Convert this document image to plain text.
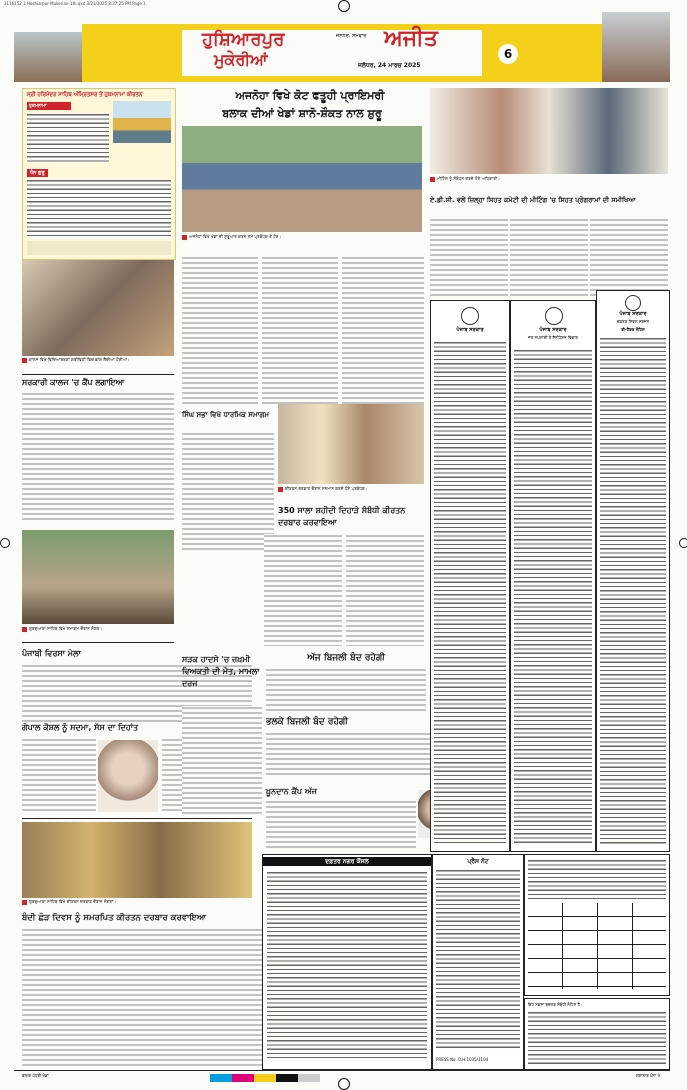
3116152 3 Hoshiarpur-Mukerian-1th.qxd 3/23/2025 8:37:25 PM Page 1
ਹੁਸ਼ਿਆਰਪੁਰ
ਮੁਕੇਰੀਆਂ
ਜਲੰਧਰ, ਸੋਮਵਾਰ ਅਜੀਤ
ਜਲੰਧਰ, 24 ਮਾਰਚ 2025
6
ਸ੍ਰੀ ਹਰਿਮੰਦਰ ਸਾਹਿਬ ਅੰਮ੍ਰਿਤਸਰ ਤੋਂ ਹੁਕਮਨਾਮਾ ਕੀਰਤਨ
ਹੁਕਮਨਾਮਾ
ਧੰਨ ਗੁਰੂ
ਕਾਲਜ ਵਿਖੇ ਵਿਦਿਆਰਥਣਾਂ ਗਤੀਵਿਧੀ ਵਿਚ ਭਾਗ ਲੈਂਦੀਆਂ ਹੋਈਆਂ।
ਸਰਕਾਰੀ ਕਾਲਜ 'ਚ ਕੈਂਪ ਲਗਾਇਆ
ਗੁਰਦੁਆਰਾ ਸਾਹਿਬ ਵਿਖੇ ਸਮਾਗਮ ਦੌਰਾਨ ਸੰਗਤ।
ਪੰਜਾਬੀ ਵਿਰਸਾ ਮੇਲਾ
ਗੋਪਾਲ ਕੌਸ਼ਲ ਨੂੰ ਸਦਮਾ, ਸੱਸ ਦਾ ਦਿਹਾਂਤ
ਗੁਰਦੁਆਰਾ ਸਾਹਿਬ ਵਿਖੇ ਕੀਰਤਨ ਦਰਬਾਰ ਦੌਰਾਨ ਸੰਗਤਾਂ।
ਬੰਦੀ ਛੋੜ ਦਿਵਸ ਨੂੰ ਸਮਰਪਿਤ ਕੀਰਤਨ ਦਰਬਾਰ ਕਰਵਾਇਆ
ਅਜਨੋਹਾ ਵਿਖੇ ਕੋਟ ਫਤੂਹੀ ਪ੍ਰਾਇਮਰੀ
ਬਲਾਕ ਦੀਆਂ ਖੇਡਾਂ ਸ਼ਾਨੋ-ਸ਼ੌਕਤ ਨਾਲ ਸ਼ੁਰੂ
ਅਜਨੋਹਾ ਵਿਖੇ ਖੇਡਾਂ ਦੀ ਸ਼ੁਰੂਆਤ ਕਰਨ ਸਮੇਂ ਪ੍ਰਬੰਧਕ ਤੇ ਹੋਰ।
ਸਿੰਘ ਸਭਾ ਵਿਖੇ ਧਾਰਮਿਕ ਸਮਾਗਮ
ਕੀਰਤਨ ਦਰਬਾਰ ਦੌਰਾਨ ਸਨਮਾਨ ਕਰਦੇ ਹੋਏ ਪ੍ਰਬੰਧਕ।
350 ਸਾਲਾ ਸ਼ਹੀਦੀ ਦਿਹਾੜੇ ਸੰਬੰਧੀ ਕੀਰਤਨ ਦਰਬਾਰ ਕਰਵਾਇਆ
ਸੜਕ ਹਾਦਸੇ 'ਚ ਜ਼ਖ਼ਮੀ ਵਿਅਕਤੀ ਦੀ ਮੌਤ, ਮਾਮਲਾ ਦਰਜ
ਅੱਜ ਬਿਜਲੀ ਬੰਦ ਰਹੇਗੀ
ਭਲਕੇ ਬਿਜਲੀ ਬੰਦ ਰਹੇਗੀ
ਖ਼ੂਨਦਾਨ ਕੈਂਪ ਅੱਜ
ਦਫ਼ਤਰ ਨਗਰ ਕੌਂਸਲ	ਪ੍ਰੈਸ ਨੋਟ
PRESS No. O.H.1035/3104
ਮੀਟਿੰਗ ਨੂੰ ਸੰਬੋਧਨ ਕਰਦੇ ਹੋਏ ਅਧਿਕਾਰੀ।
ਏ.ਡੀ.ਸੀ. ਵਲੋਂ ਜ਼ਿਲ੍ਹਾ ਸਿਹਤ ਕਮੇਟੀ ਦੀ ਮੀਟਿੰਗ 'ਚ ਸਿਹਤ ਪ੍ਰੋਗਰਾਮਾਂ ਦੀ ਸਮੀਖਿਆ
ਪੰਜਾਬ ਸਰਕਾਰ
ਜਲ ਸਪਲਾਈ ਤੇ ਸੈਨੀਟੇਸ਼ਨ ਵਿਭਾਗ
ਪੰਜਾਬ ਸਰਕਾਰ
ਪੰਜਾਬ ਸਰਕਾਰ
ਦਫ਼ਤਰ ਸਿਵਲ ਸਰਜਨ
ਈ-ਟੈਂਡਰ ਨੋਟਿਸ
ਇਹ ਨਕਸ਼ਾ ਬਦਲਣ ਸੰਬੰਧੀ ਨੋਟਿਸ ਹੈ।
ਬਲਾਕ ਪੱਧਰੀ ਖੇਡਾਂ	ਲਗਾਤਾਰ ਪੰਨਾ 9
